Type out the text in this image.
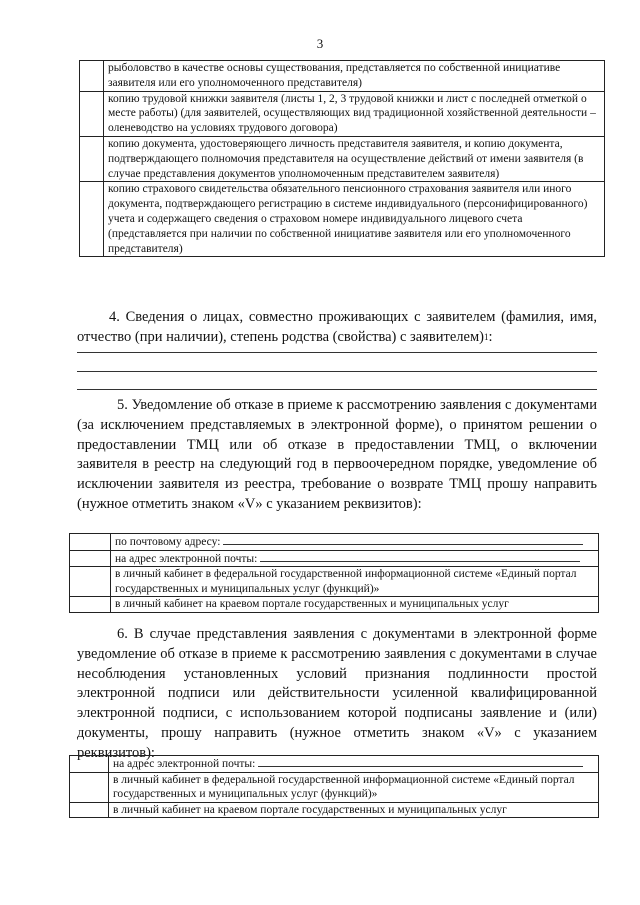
3
	рыболовство в качестве основы существования, представляется по собственной инициативе заявителя или его уполномоченного представителя)
	копию трудовой книжки заявителя (листы 1, 2, 3 трудовой книжки и лист с последней отметкой о месте работы) (для заявителей, осуществляющих вид традиционной хозяйственной деятельности – оленеводство на условиях трудового договора)
	копию документа, удостоверяющего личность представителя заявителя, и копию документа, подтверждающего полномочия представителя на осуществление действий от имени заявителя (в случае представления документов уполномоченным представителем заявителя)
	копию страхового свидетельства обязательного пенсионного страхования заявителя или иного документа, подтверждающего регистрацию в системе индивидуального (персонифицированного) учета и содержащего сведения о страховом номере индивидуального лицевого счета (представляется при наличии по собственной инициативе заявителя или его уполномоченного представителя)
4. Сведения о лицах, совместно проживающих с заявителем (фамилия, имя, отчество (при наличии), степень родства (свойства) с заявителем)$^1$:
5. Уведомление об отказе в приеме к рассмотрению заявления с документами (за исключением представляемых в электронной форме), о принятом решении о предоставлении ТМЦ или об отказе в предоставлении ТМЦ, о включении заявителя в реестр на следующий год в первоочередном порядке, уведомление об исключении заявителя из реестра, требование о возврате ТМЦ прошу направить (нужное отметить знаком «V» с указанием реквизитов):
	по почтовому адресу:
	на адрес электронной почты:
	в личный кабинет в федеральной государственной информационной системе «Единый портал государственных и муниципальных услуг (функций)»
	в личный кабинет на краевом портале государственных и муниципальных услуг
6. В случае представления заявления с документами в электронной форме уведомление об отказе в приеме к рассмотрению заявления с документами в случае несоблюдения установленных условий признания подлинности простой электронной подписи или действительности усиленной квалифицированной электронной подписи, с использованием которой подписаны заявление и (или) документы, прошу направить (нужное отметить знаком «V» с указанием реквизитов):
	на адрес электронной почты:
	в личный кабинет в федеральной государственной информационной системе «Единый портал государственных и муниципальных услуг (функций)»
	в личный кабинет на краевом портале государственных и муниципальных услуг
